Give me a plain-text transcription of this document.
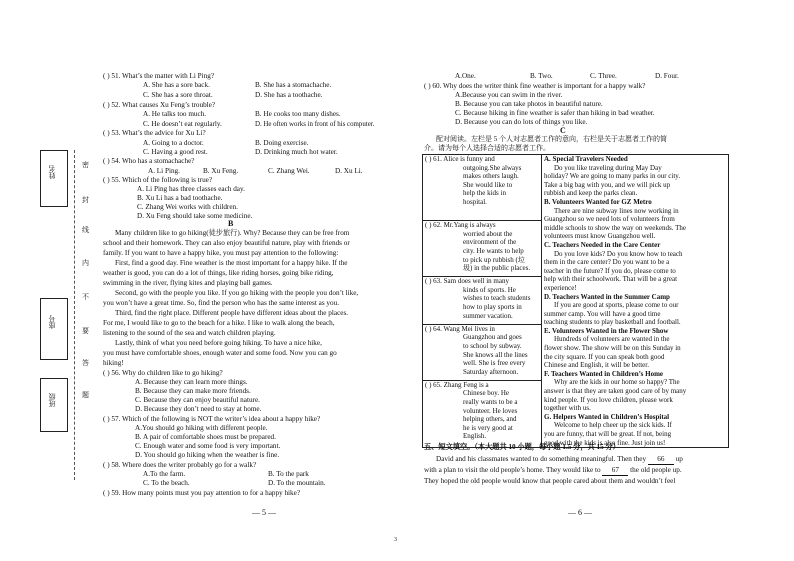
姓名
座号
班级
密
封
线
内
不
要
答
题
( ) 51. What’s the matter with Li Ping?
A. She has a sore back.	B. She has a stomachache.
C. She has a sore throat.	D. She has a toothache.
( ) 52. What causes Xu Feng’s trouble?
A. He talks too much.	B. He cooks too many dishes.
C. He doesn’t eat regularly.	D. He often works in front of his computer.
( ) 53. What’s the advice for Xu Li?
A. Going to a doctor.	B. Doing exercise.
C. Having a good rest.	D. Drinking much hot water.
( ) 54. Who has a stomachache?
A. Li Ping.	B. Xu Feng.	C. Zhang Wei.	D. Xu Li.
( ) 55. Which of the following is true?
A. Li Ping has three classes each day.
B. Xu Li has a bad toothache.
C. Zhang Wei works with children.
D. Xu Feng should take some medicine.
B
Many children like to go hiking(徒步旅行). Why? Because they can be free from
school and their homework. They can also enjoy beautiful nature, play with friends or
family. If you want to have a happy hike, you must pay attention to the following:
First, find a good day. Fine weather is the most important for a happy hike. If the
weather is good, you can do a lot of things, like riding horses, going bike riding,
swimming in the river, flying kites and playing ball games.
Second, go with the people you like. If you go hiking with the people you don’t like,
you won’t have a great time. So, find the person who has the same interest as you.
Third, find the right place. Different people have different ideas about the places.
For me, I would like to go to the beach for a hike. I like to walk along the beach,
listening to the sound of the sea and watch children playing.
Lastly, think of what you need before going hiking. To have a nice hike,
you must have comfortable shoes, enough water and some food. Now you can go
hiking!
( ) 56. Why do children like to go hiking?
A. Because they can learn more things.
B. Because they can make more friends.
C. Because they can enjoy beautiful nature.
D. Because they don’t need to stay at home.
( ) 57. Which of the following is NOT the writer’s idea about a happy hike?
A.You should go hiking with different people.
B. A pair of comfortable shoes must be prepared.
C. Enough water and some food is very important.
D. You should go hiking when the weather is fine.
( ) 58. Where does the writer probably go for a walk?
A.To the farm.	B. To the park
C. To the beach.	D. To the mountain.
( ) 59. How many points must you pay attention to for a happy hike?
— 5 —
A.One.	B. Two.	C. Three.	D. Four.
( ) 60. Why does the writer think fine weather is important for a happy walk?
A.Because you can swim in the river.
B. Because you can take photos in beautiful nature.
C. Because hiking in fine weather is safer than hiking in bad weather.
D. Because you can do lots of things you like.
C
配对阅读。左栏是 5 个人对志愿者工作的意向，右栏是关于志愿者工作的简
介。请为每个人选择合适的志愿者工作。
( ) 61. Alice is funny and
outgoing.She always
makes others laugh.
She would like to
help the kids in
hospital.

A. Special Travelers Needed
Do you like traveling during May Day
holiday? We are going to many parks in our city.
Take a big bag with you, and we will pick up
rubbish and keep the parks clean.
B. Volunteers Wanted for GZ Metro
There are nine subway lines now working in
Guangzhou so we need lots of volunteers from
middle schools to show the way on weekends. The
volunteers must know Guangzhou well.
C. Teachers Needed in the Care Center
Do you love kids? Do you know how to teach
them in the care center? Do you want to be a
teacher in the future? If you do, please come to
help with their schoolwork. That will be a great
experience!
D. Teachers Wanted in the Summer Camp
If you are good at sports, please come to our
summer camp. You will have a good time
teaching students to play basketball and football.
E. Volunteers Wanted in the Flower Show
Hundreds of volunteers are wanted in the
flower show. The show will be on this Sunday in
the city square. If you can speak both good
Chinese and English, it will be better.
F. Teachers Wanted in Children’s Home
Why are the kids in our home so happy? The
answer is that they are taken good care of by many
kind people. If you love children, please work
together with us.
G. Helpers Wanted in Children’s Hospital
Welcome to help cheer up the sick kids. If
you are funny, that will be great. If not, being
good with the kids is also fine. Just join us!

( ) 62. Mr.Yang is always
worried about the
environment of the
city. He wants to help
to pick up rubbish (垃
圾) in the public places.

( ) 63. Sam does well in many
kinds of sports. He
wishes to teach students
how to play sports in
summer vacation.

( ) 64. Wang Mei lives in
Guangzhou and goes
to school by subway.
She knows all the lines
well. She is free every
Saturday afternoon.

( ) 65. Zhang Feng is a
Chinese boy. He
really wants to be a
volunteer. He loves
helping others, and
he is very good at
English.
五、短文填空。（本大题共 10 小题，每小题 1.5 分，共 15 分）
David and his classmates wanted to do something meaningful. Then they 66 up
with a plan to visit the old people’s home. They would like to 67 the old people up.
They hoped the old people would know that people cared about them and wouldn’t feel
— 6 —
3
